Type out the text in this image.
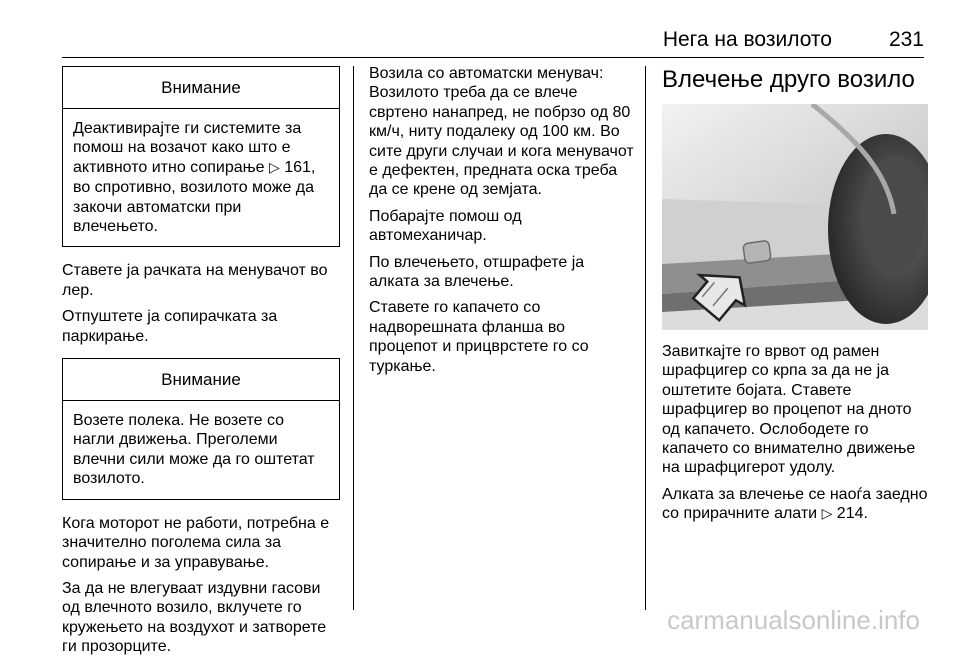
Нега на возилото	231
Внимание
Деактивирајте ги системите за помош на возачот како што е активното итно сопирање ▷ 161, во спротивно, возилото може да закочи автоматски при влечењето.

Ставете ја рачката на менувачот во лер.

Отпуштете ја сопирачката за паркирање.

Внимание
Возете полека. Не возете со нагли движења. Преголеми влечни сили може да го оштетат возилото.

Кога моторот не работи, потребна е значително поголема сила за сопирање и за управување.

За да не влегуваат издувни гасови од влечното возило, вклучете го кружењето на воздухот и затворете ги прозорците.

Возила со автоматски менувач: Возилото треба да се влече свртено нанапред, не побрзо од 80 км/ч, ниту подалеку од 100 км. Во сите други случаи и кога менувачот е дефектен, предната оска треба да се крене од земјата.

Побарајте помош од автомеханичар.

По влечењето, отшрафете ја алката за влечење.

Ставете го капачето со надворешната фланша во процепот и прицврстете го со туркање.

Влечење друго возило

Завиткајте го врвот од рамен шрафцигер со крпа за да не ја оштетите бојата. Ставете шрафцигер во процепот на дното од капачето. Ослободете го капачето со внимателно движење на шрафцигерот удолу.

Алката за влечење се наоѓа заедно со прирачните алати ▷ 214.

carmanualsonline.info
